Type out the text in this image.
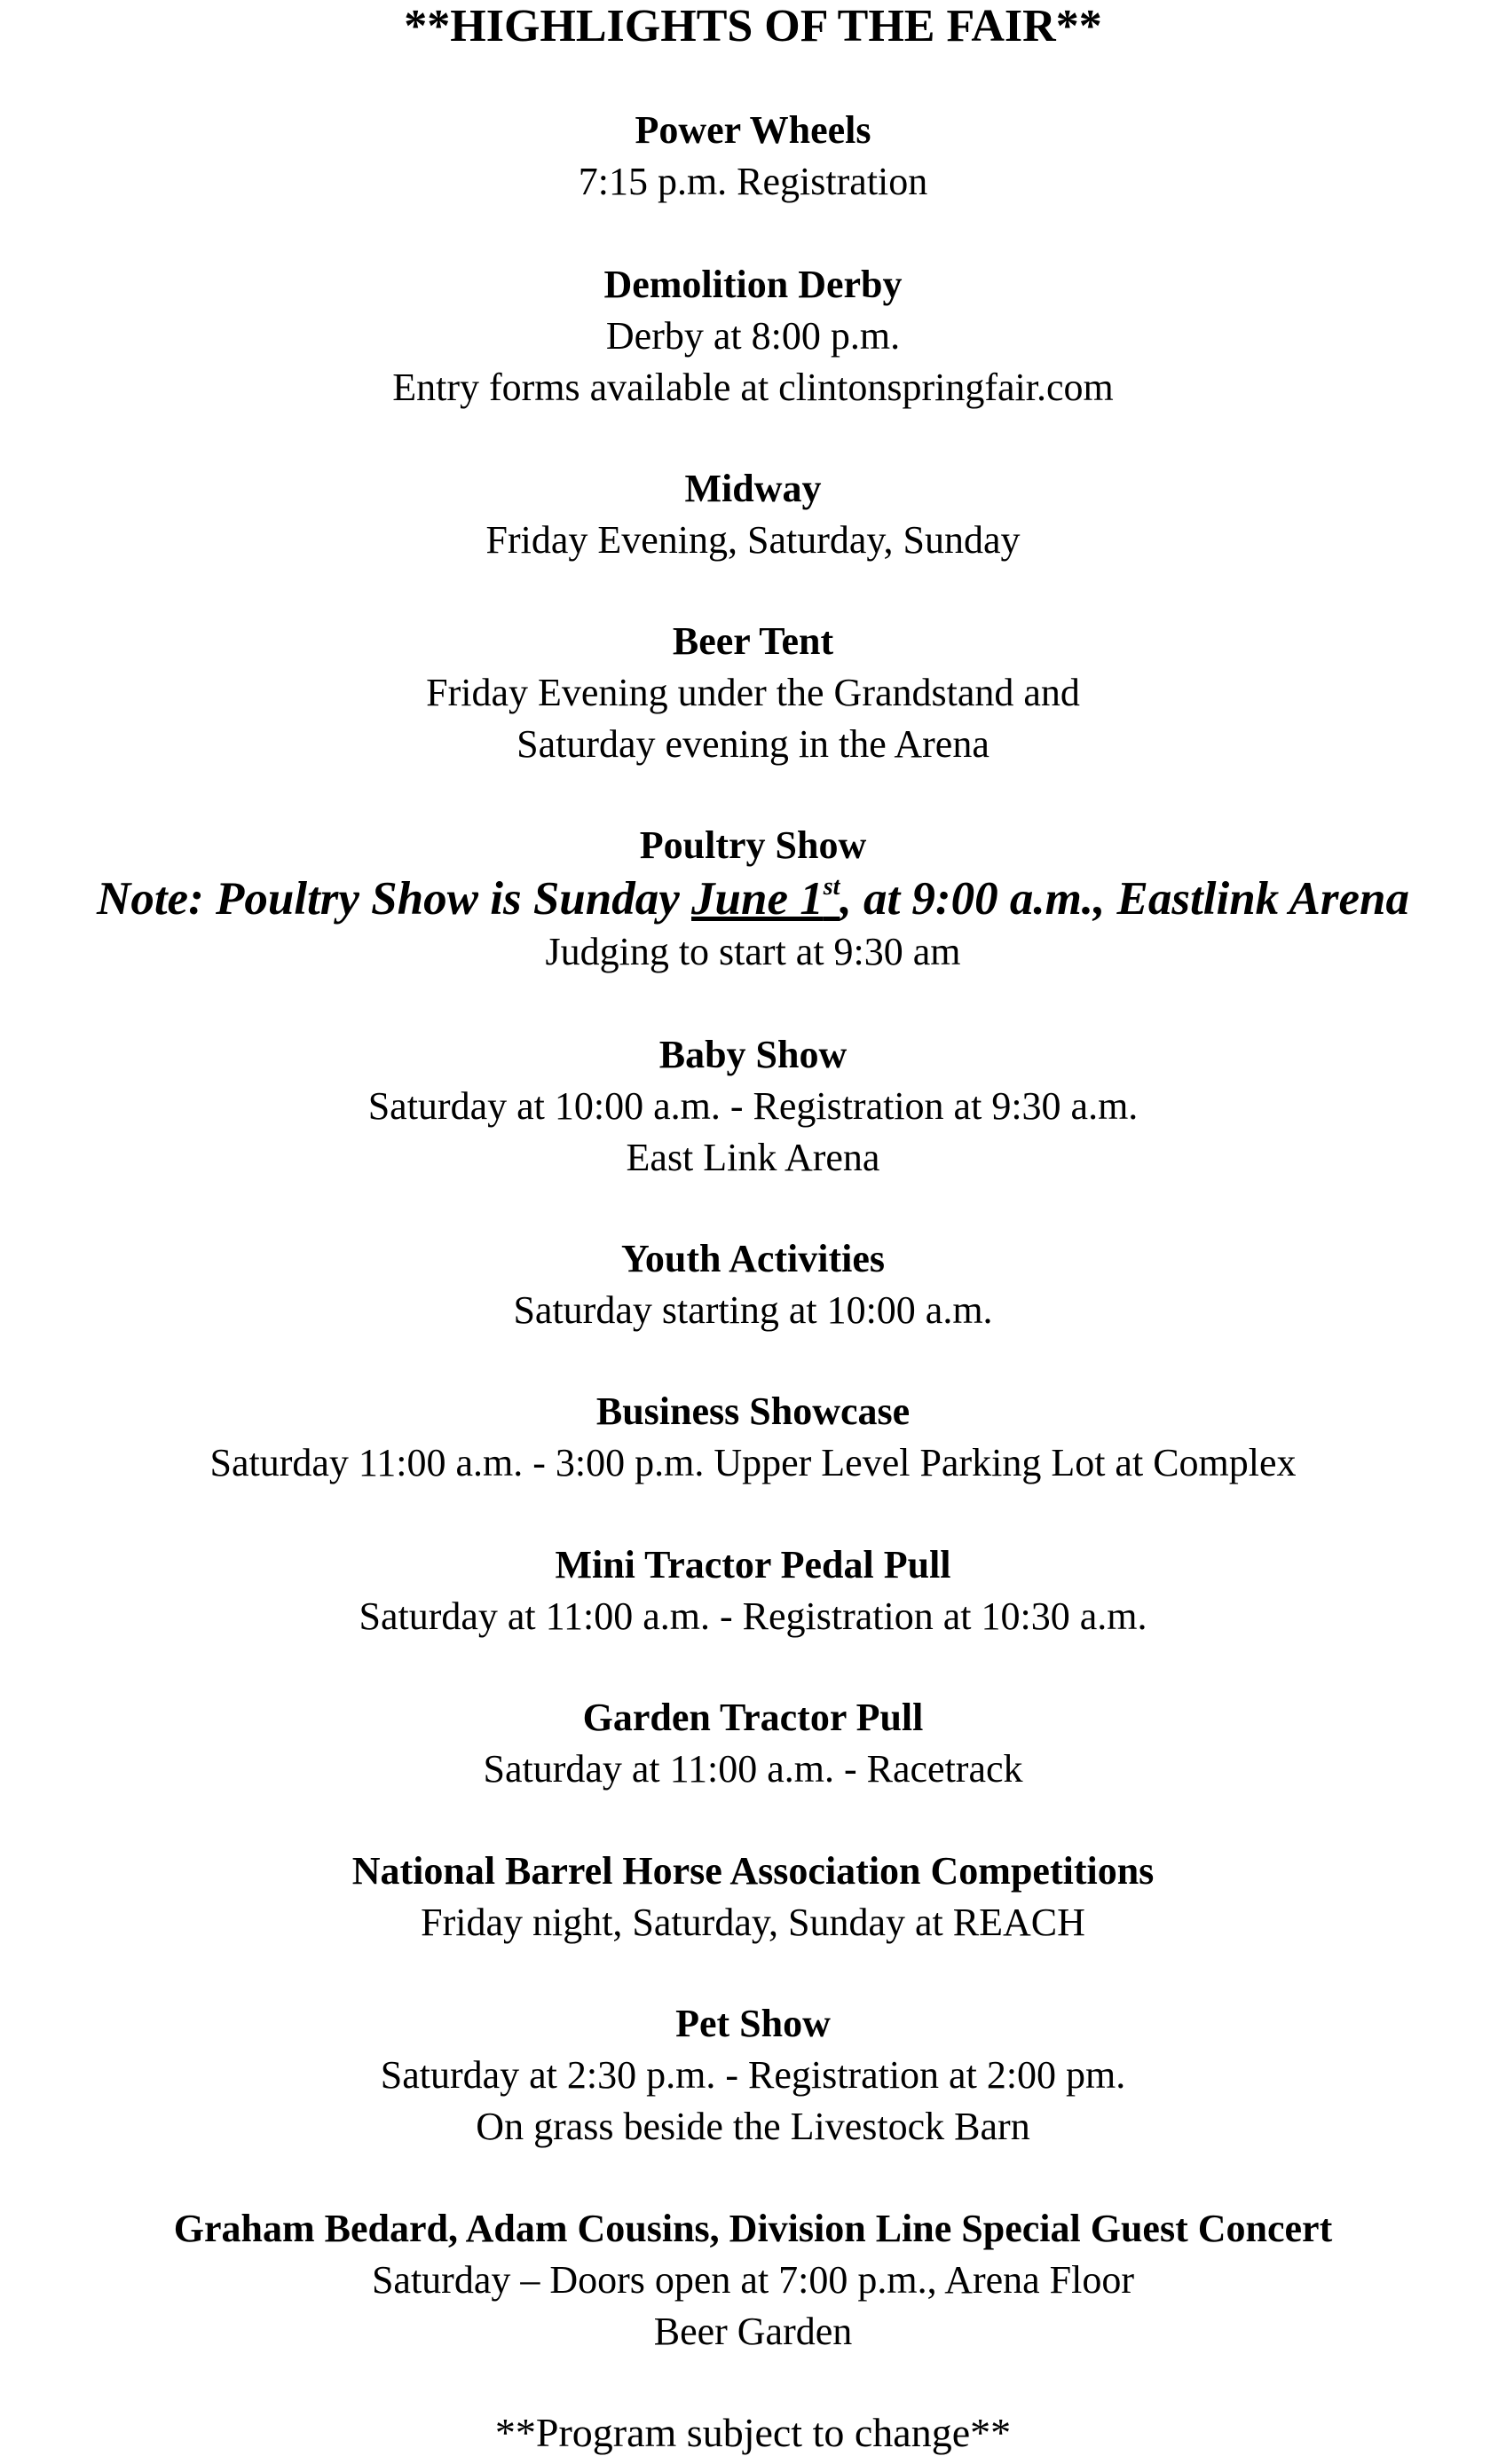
**HIGHLIGHTS OF THE FAIR**
Power Wheels
7:15 p.m. Registration
Demolition Derby
Derby at 8:00 p.m.
Entry forms available at clintonspringfair.com
Midway
Friday Evening, Saturday, Sunday
Beer Tent
Friday Evening under the Grandstand and
Saturday evening in the Arena
Poultry Show
Note: Poultry Show is Sunday June 1st, at 9:00 a.m., Eastlink Arena
Judging to start at 9:30 am
Baby Show
Saturday at 10:00 a.m. - Registration at 9:30 a.m.
East Link Arena
Youth Activities
Saturday starting at 10:00 a.m.
Business Showcase
Saturday 11:00 a.m. - 3:00 p.m. Upper Level Parking Lot at Complex
Mini Tractor Pedal Pull
Saturday at 11:00 a.m. - Registration at 10:30 a.m.
Garden Tractor Pull
Saturday at 11:00 a.m. - Racetrack
National Barrel Horse Association Competitions
Friday night, Saturday, Sunday at REACH
Pet Show
Saturday at 2:30 p.m. - Registration at 2:00 pm.
On grass beside the Livestock Barn
Graham Bedard, Adam Cousins, Division Line Special Guest Concert
Saturday – Doors open at 7:00 p.m., Arena Floor
Beer Garden
**Program subject to change**
